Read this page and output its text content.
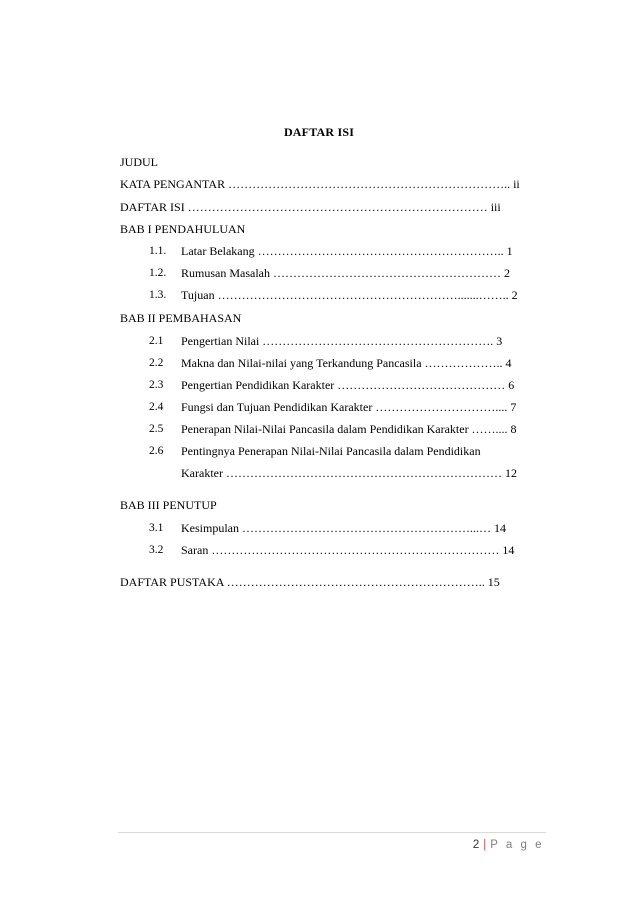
DAFTAR ISI
JUDUL
KATA PENGANTAR …………………………………………………………….. ii
DAFTAR ISI ………………………………………………………………… iii
BAB I PENDAHULUAN
1.1. Latar Belakang …………………………………………………….. 1
1.2. Rumusan Masalah ………………………………………………… 2
1.3. Tujuan …………………………………………………….......…….. 2
BAB II PEMBAHASAN
2.1 Pengertian Nilai …………………………………………………. 3
2.2 Makna dan Nilai-nilai yang Terkandung Pancasila ……………….. 4
2.3 Pengertian Pendidikan Karakter …………………………………… 6
2.4 Fungsi dan Tujuan Pendidikan Karakter ………………………….... 7
2.5 Penerapan Nilai-Nilai Pancasila dalam Pendidikan Karakter …….... 8
2.6 Pentingnya Penerapan Nilai-Nilai Pancasila dalam Pendidikan
Karakter …………………………………………………………… 12
BAB III PENUTUP
3.1 Kesimpulan …………………………………………………...… 14
3.2 Saran ……………………………………………………………… 14
DAFTAR PUSTAKA ……………………………………………………….. 15
2 | P a g e
